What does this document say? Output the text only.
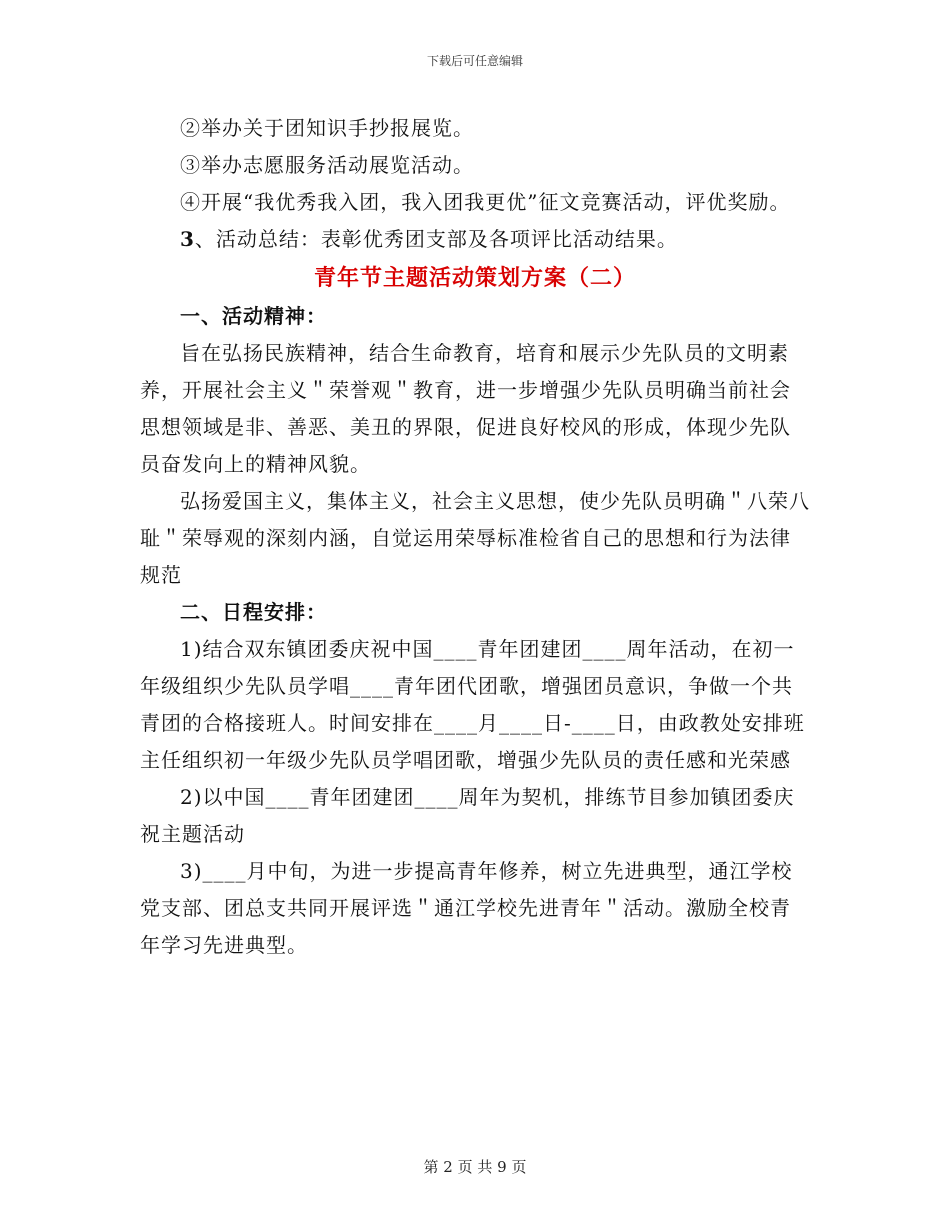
下载后可任意编辑

②举办关于团知识手抄报展览。

③举办志愿服务活动展览活动。

④开展“我优秀我入团，我入团我更优”征文竞赛活动，评优奖励。

3、活动总结：表彰优秀团支部及各项评比活动结果。

青年节主题活动策划方案（二）

一、活动精神：

旨在弘扬民族精神，结合生命教育，培育和展示少先队员的文明素养，开展社会主义＂荣誉观＂教育，进一步增强少先队员明确当前社会思想领域是非、善恶、美丑的界限，促进良好校风的形成，体现少先队员奋发向上的精神风貌。

弘扬爱国主义，集体主义，社会主义思想，使少先队员明确＂八荣八耻＂荣辱观的深刻内涵，自觉运用荣辱标准检省自己的思想和行为法律规范

二、日程安排：

1)结合双东镇团委庆祝中国____青年团建团____周年活动，在初一年级组织少先队员学唱____青年团代团歌，增强团员意识，争做一个共青团的合格接班人。时间安排在____月____日-____日，由政教处安排班主任组织初一年级少先队员学唱团歌，增强少先队员的责任感和光荣感

2)以中国____青年团建团____周年为契机，排练节目参加镇团委庆祝主题活动

3)____月中旬，为进一步提高青年修养，树立先进典型，通江学校党支部、团总支共同开展评选＂通江学校先进青年＂活动。激励全校青年学习先进典型。

第 2 页 共 9 页
